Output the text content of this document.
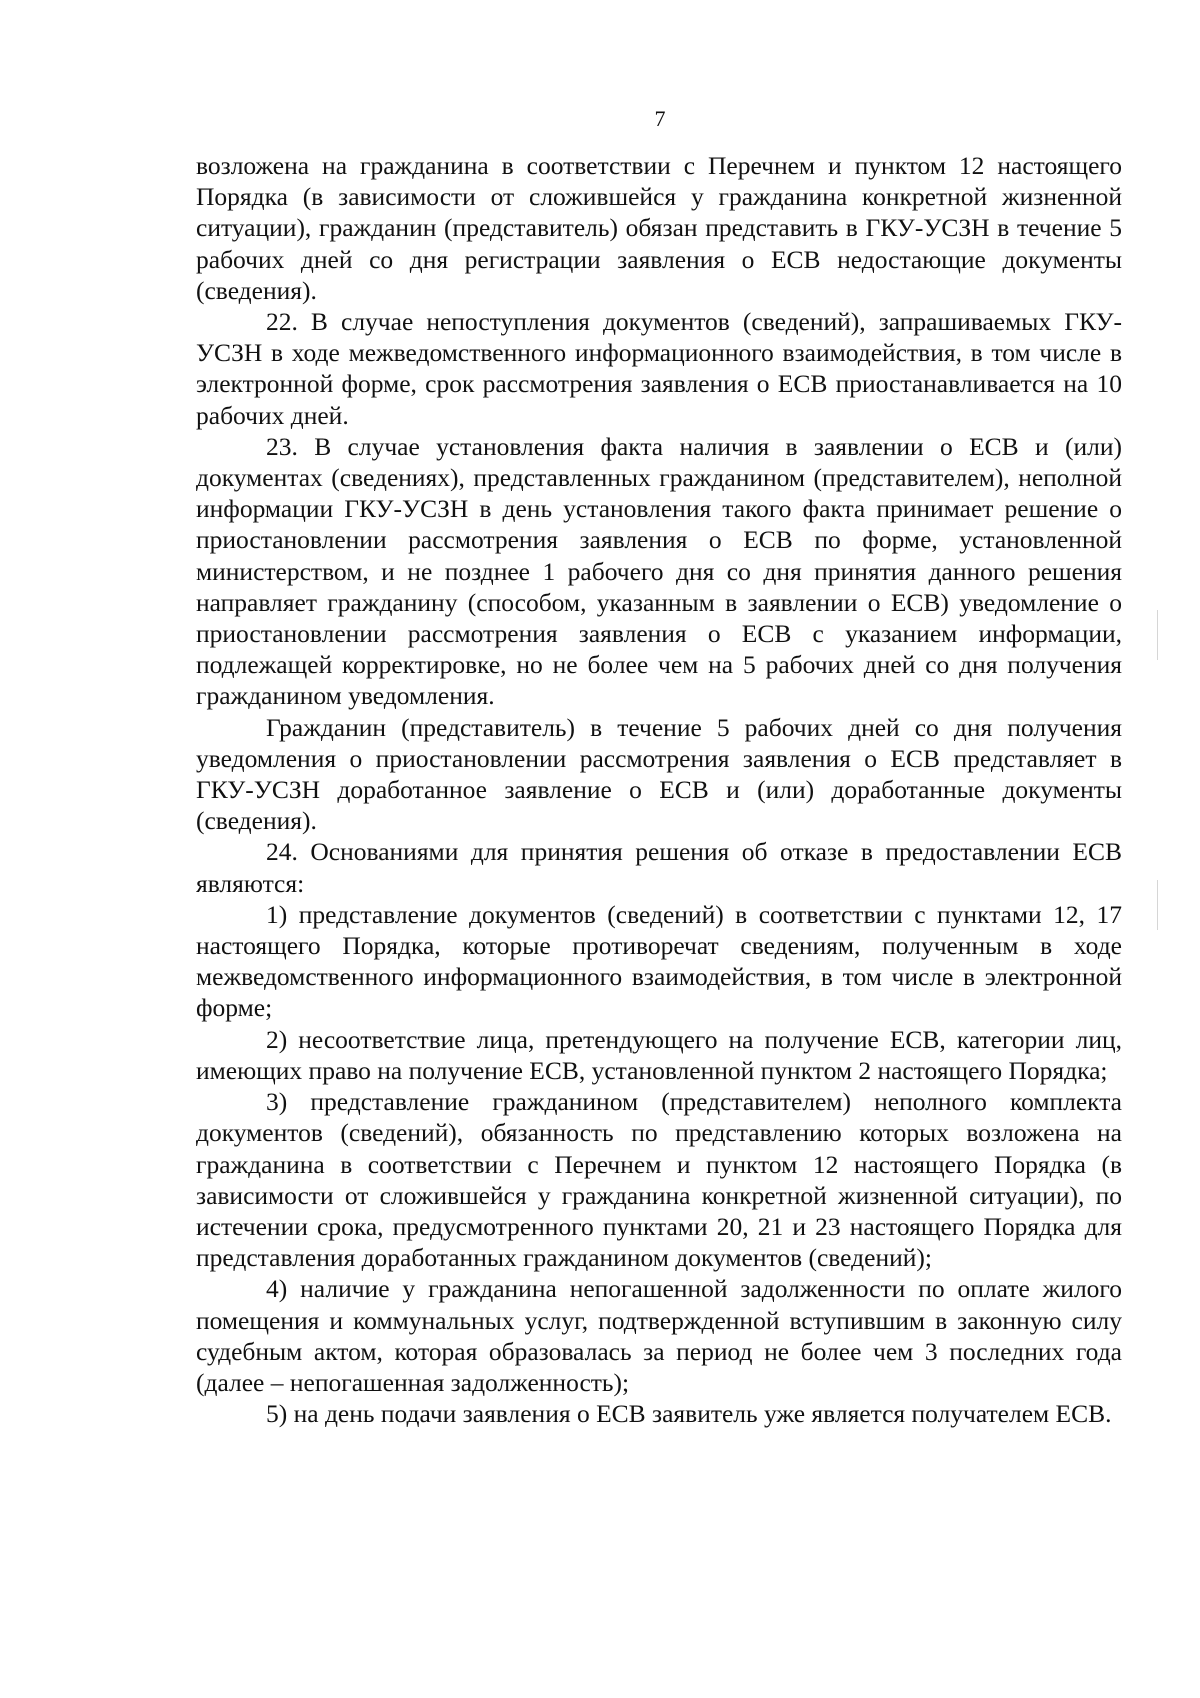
7

возложена на гражданина в соответствии с Перечнем и пунктом 12 настоящего Порядка (в зависимости от сложившейся у гражданина конкретной жизненной ситуации), гражданин (представитель) обязан представить в ГКУ-УСЗН в течение 5 рабочих дней со дня регистрации заявления о ЕСВ недостающие документы (сведения).

22. В случае непоступления документов (сведений), запрашиваемых ГКУ-УСЗН в ходе межведомственного информационного взаимодействия, в том числе в электронной форме, срок рассмотрения заявления о ЕСВ приостанавливается на 10 рабочих дней.

23. В случае установления факта наличия в заявлении о ЕСВ и (или) документах (сведениях), представленных гражданином (представителем), неполной информации ГКУ-УСЗН в день установления такого факта принимает решение о приостановлении рассмотрения заявления о ЕСВ по форме, установленной министерством, и не позднее 1 рабочего дня со дня принятия данного решения направляет гражданину (способом, указанным в заявлении о ЕСВ) уведомление о приостановлении рассмотрения заявления о ЕСВ с указанием информации, подлежащей корректировке, но не более чем на 5 рабочих дней со дня получения гражданином уведомления.

Гражданин (представитель) в течение 5 рабочих дней со дня получения уведомления о приостановлении рассмотрения заявления о ЕСВ представляет в ГКУ-УСЗН доработанное заявление о ЕСВ и (или) доработанные документы (сведения).

24. Основаниями для принятия решения об отказе в предоставлении ЕСВ являются:

1) представление документов (сведений) в соответствии с пунктами 12, 17 настоящего Порядка, которые противоречат сведениям, полученным в ходе межведомственного информационного взаимодействия, в том числе в электронной форме;

2) несоответствие лица, претендующего на получение ЕСВ, категории лиц, имеющих право на получение ЕСВ, установленной пунктом 2 настоящего Порядка;

3) представление гражданином (представителем) неполного комплекта документов (сведений), обязанность по представлению которых возложена на гражданина в соответствии с Перечнем и пунктом 12 настоящего Порядка (в зависимости от сложившейся у гражданина конкретной жизненной ситуации), по истечении срока, предусмотренного пунктами 20, 21 и 23 настоящего Порядка для представления доработанных гражданином документов (сведений);

4) наличие у гражданина непогашенной задолженности по оплате жилого помещения и коммунальных услуг, подтвержденной вступившим в законную силу судебным актом, которая образовалась за период не более чем 3 последних года (далее – непогашенная задолженность);

5) на день подачи заявления о ЕСВ заявитель уже является получателем ЕСВ.
